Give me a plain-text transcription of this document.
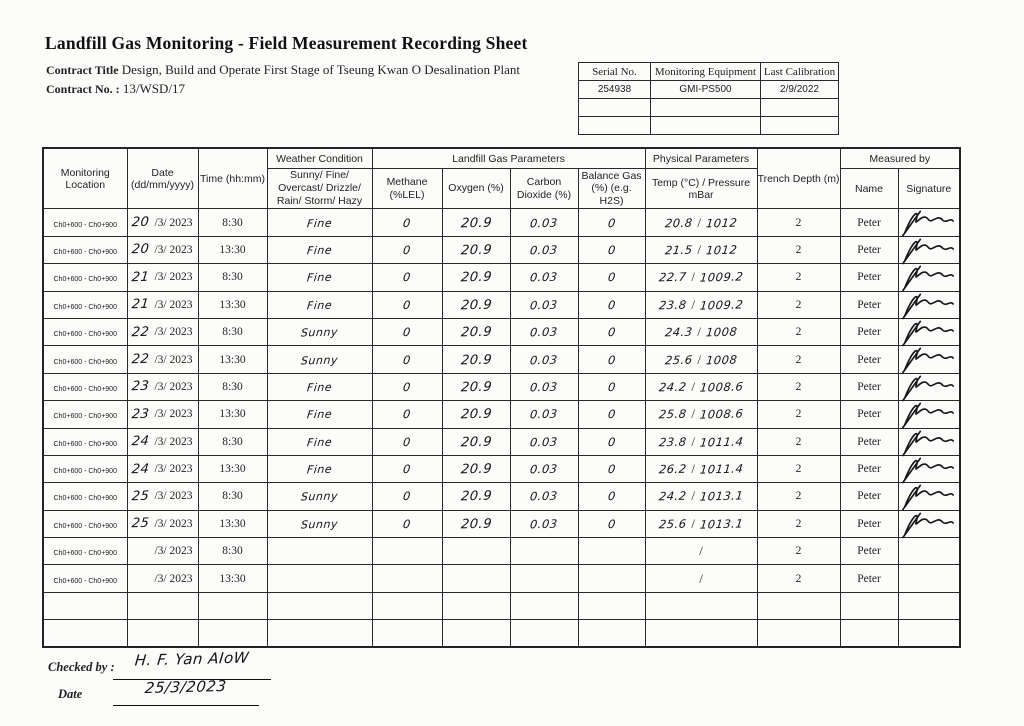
Landfill Gas Monitoring - Field Measurement Recording Sheet
Contract Title Design, Build and Operate First Stage of Tseung Kwan O Desalination Plant
Contract No. : 13/WSD/17
Serial No.	Monitoring Equipment	Last Calibration
254938	GMI-PS500	2/9/2022

Monitoring Location	Date (dd/mm/yyyy)	Time (hh:mm)	Weather Condition	Landfill Gas Parameters				Physical Parameters	Trench Depth (m)	Measured by	
			Sunny/ Fine/ Overcast/ Drizzle/ Rain/ Storm/ Hazy	Methane (%LEL)	Oxygen (%)	Carbon Dioxide (%)	Balance Gas (%) (e.g. H2S)	Temp (°C) / Pressure mBar		Name	Signature
Ch0+600 - Ch0+900	20 /3/ 2023	8:30	Fine	0	20.9	0.03	0	20.8 / 1012	2	Peter	

Ch0+600 - Ch0+900	20 /3/ 2023	13:30	Fine	0	20.9	0.03	0	21.5 / 1012	2	Peter	

Ch0+600 - Ch0+900	21 /3/ 2023	8:30	Fine	0	20.9	0.03	0	22.7 / 1009.2	2	Peter	

Ch0+600 - Ch0+900	21 /3/ 2023	13:30	Fine	0	20.9	0.03	0	23.8 / 1009.2	2	Peter	

Ch0+600 - Ch0+900	22 /3/ 2023	8:30	Sunny	0	20.9	0.03	0	24.3 / 1008	2	Peter	

Ch0+600 - Ch0+900	22 /3/ 2023	13:30	Sunny	0	20.9	0.03	0	25.6 / 1008	2	Peter	

Ch0+600 - Ch0+900	23 /3/ 2023	8:30	Fine	0	20.9	0.03	0	24.2 / 1008.6	2	Peter	

Ch0+600 - Ch0+900	23 /3/ 2023	13:30	Fine	0	20.9	0.03	0	25.8 / 1008.6	2	Peter	

Ch0+600 - Ch0+900	24 /3/ 2023	8:30	Fine	0	20.9	0.03	0	23.8 / 1011.4	2	Peter	

Ch0+600 - Ch0+900	24 /3/ 2023	13:30	Fine	0	20.9	0.03	0	26.2 / 1011.4	2	Peter	

Ch0+600 - Ch0+900	25 /3/ 2023	8:30	Sunny	0	20.9	0.03	0	24.2 / 1013.1	2	Peter	

Ch0+600 - Ch0+900	25 /3/ 2023	13:30	Sunny	0	20.9	0.03	0	25.6 / 1013.1	2	Peter	

Ch0+600 - Ch0+900	/3/ 2023	8:30						/	2	Peter	
Ch0+600 - Ch0+900	/3/ 2023	13:30						/	2	Peter	

Checked by :	H. F. Yan AIoW
Date	25/3/2023
